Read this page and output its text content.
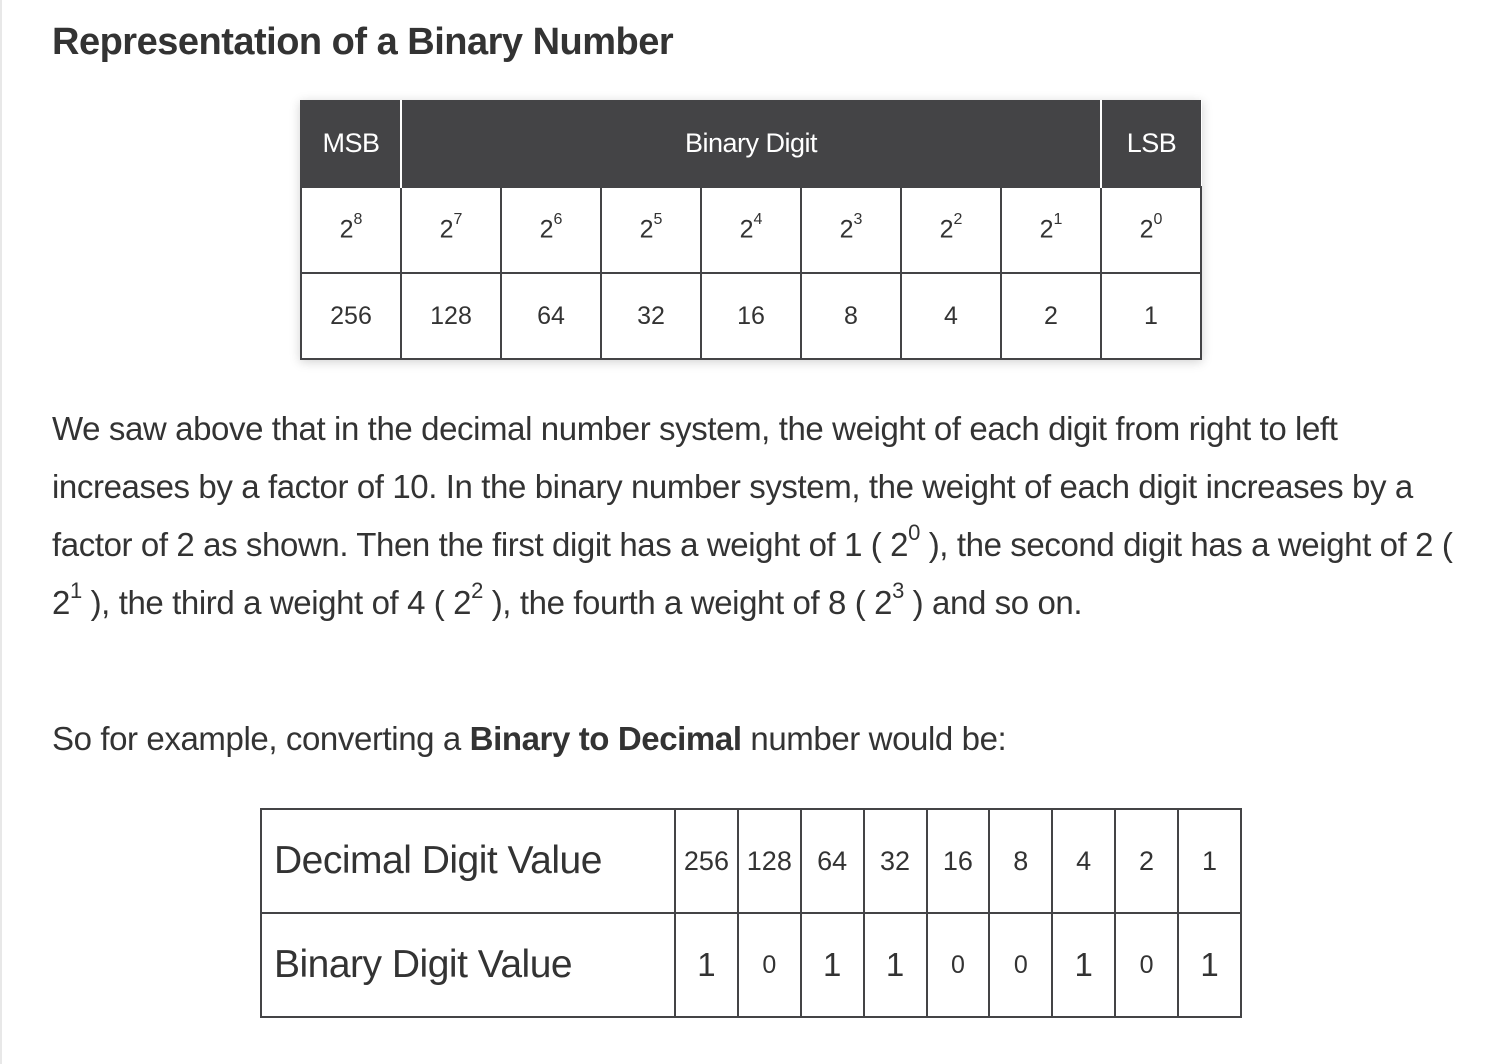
Representation of a Binary Number
MSB	Binary Digit							LSB
$2^8$	$2^7$	$2^6$	$2^5$	$2^4$	$2^3$	$2^2$	$2^1$	$2^0$
256	128	64	32	16	8	4	2	1

We saw above that in the decimal number system, the weight of each digit from right to left increases by a factor of 10. In the binary number system, the weight of each digit increases by a factor of 2 as shown. Then the first digit has a weight of 1 ( $2^0$ ), the second digit has a weight of 2 ( $2^1$ ), the third a weight of 4 ( $2^2$ ), the fourth a weight of 8 ( $2^3$ ) and so on.

So for example, converting a Binary to Decimal number would be:

Decimal Digit Value	256	128	64	32	16	8	4	2	1
Binary Digit Value	1	0	1	1	0	0	1	0	1
